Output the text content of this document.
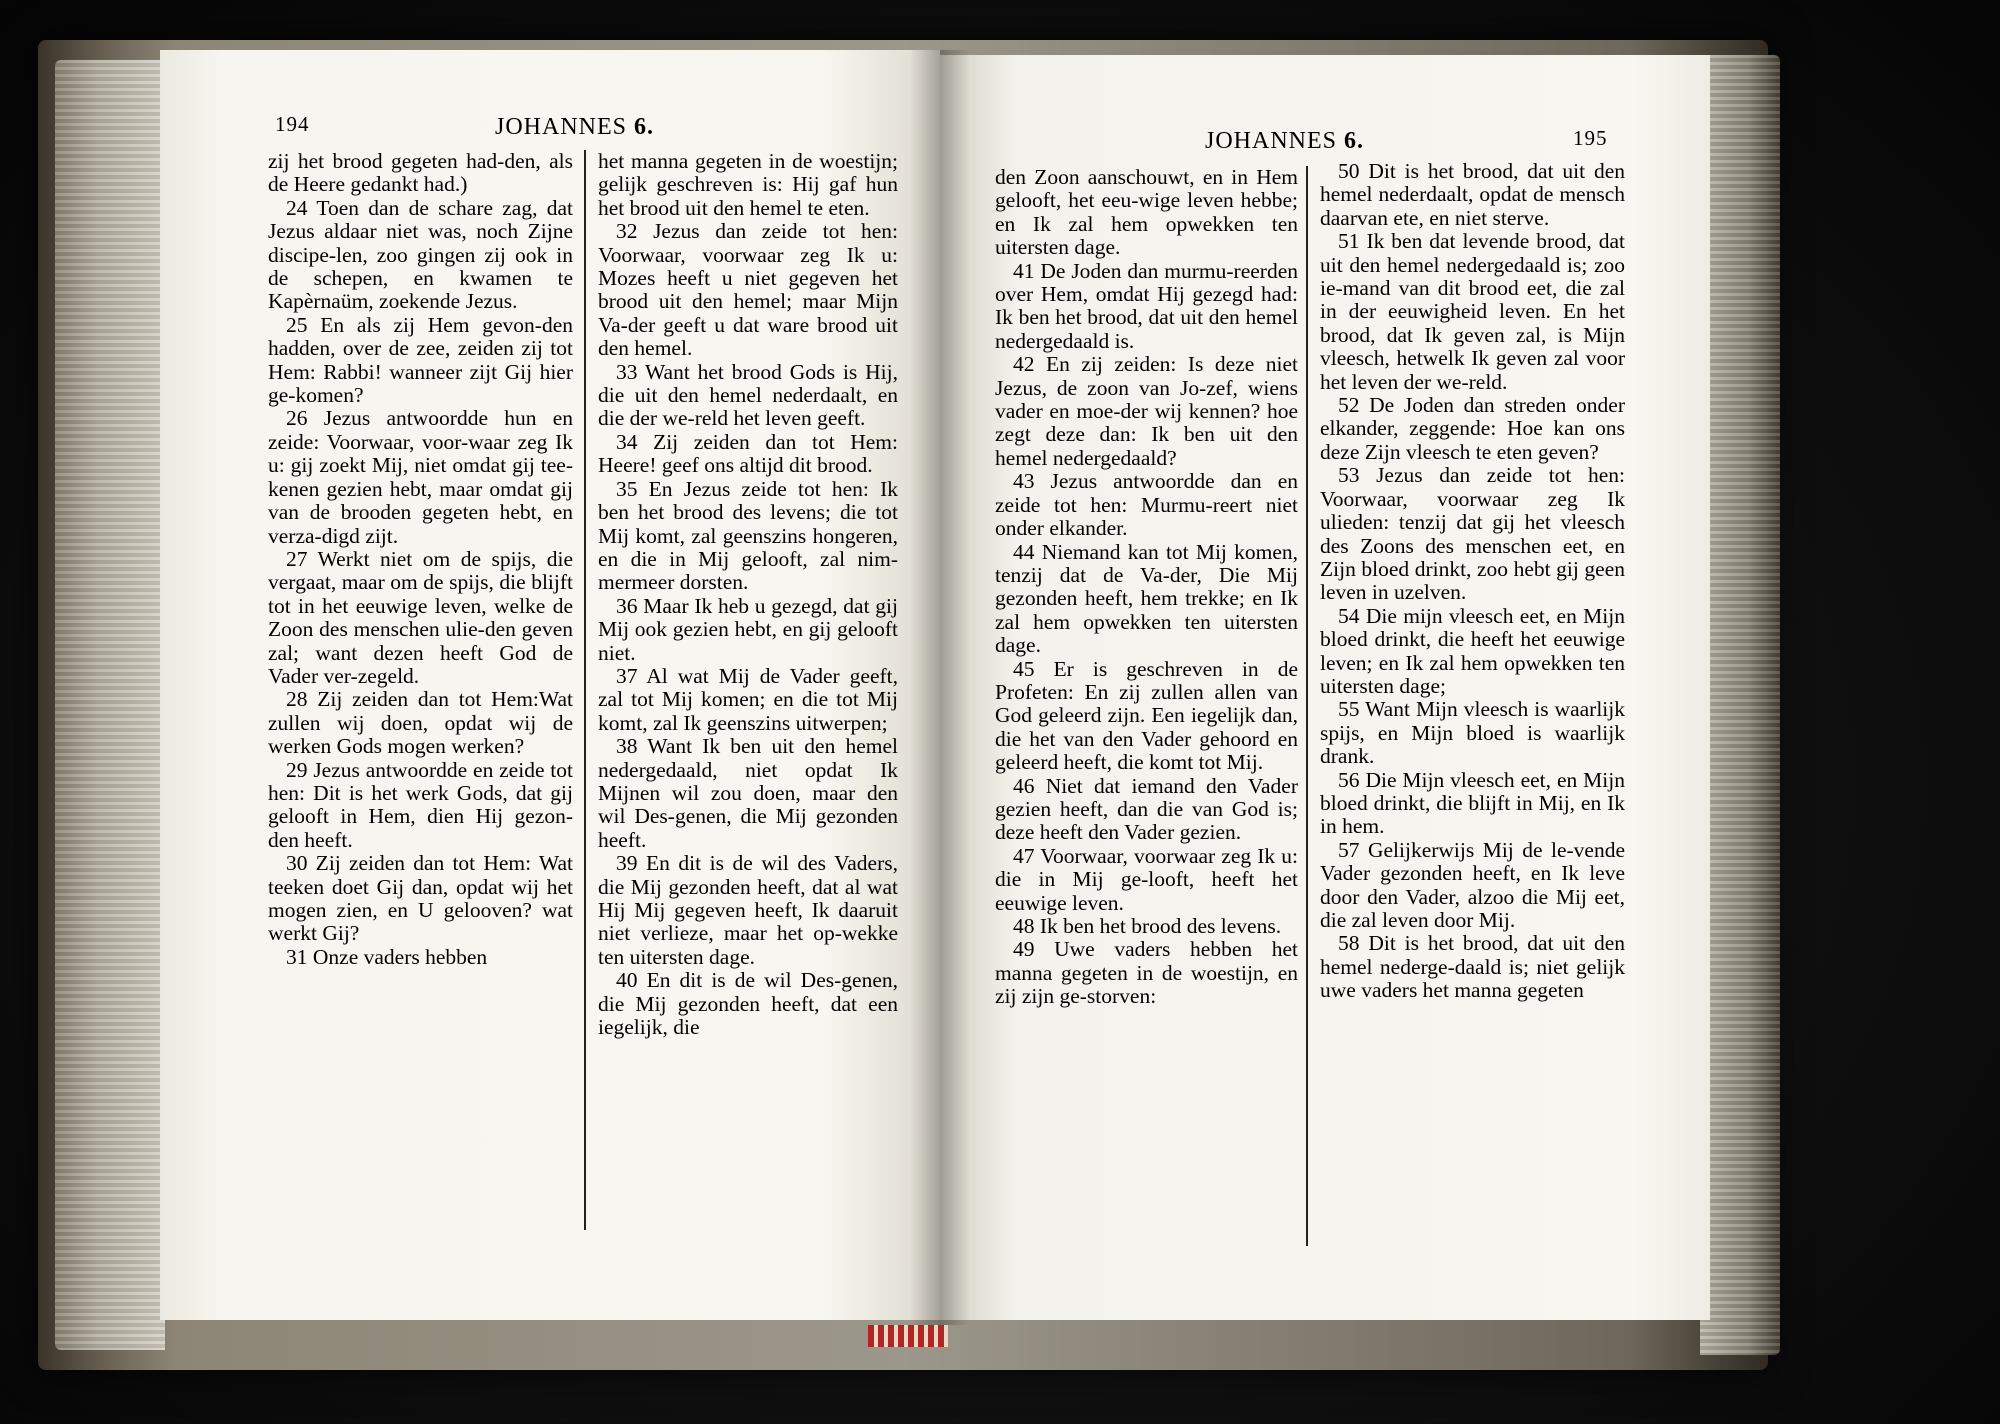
194	JOHANNES 6.

zij het brood gegeten had-den, als de Heere gedankt had.)

24 Toen dan de schare zag, dat Jezus aldaar niet was, noch Zijne discipe-len, zoo gingen zij ook in de schepen, en kwamen te Kapèrnaüm, zoekende Jezus.

25 En als zij Hem gevon-den hadden, over de zee, zeiden zij tot Hem: Rabbi! wanneer zijt Gij hier ge-komen?

26 Jezus antwoordde hun en zeide: Voorwaar, voor-waar zeg Ik u: gij zoekt Mij, niet omdat gij tee-kenen gezien hebt, maar omdat gij van de brooden gegeten hebt, en verza-digd zijt.

27 Werkt niet om de spijs, die vergaat, maar om de spijs, die blijft tot in het eeuwige leven, welke de Zoon des menschen ulie-den geven zal; want dezen heeft God de Vader ver-zegeld.

28 Zij zeiden dan tot Hem:Wat zullen wij doen, opdat wij de werken Gods mogen werken?

29 Jezus antwoordde en zeide tot hen: Dit is het werk Gods, dat gij gelooft in Hem, dien Hij gezon-den heeft.

30 Zij zeiden dan tot Hem: Wat teeken doet Gij dan, opdat wij het mogen zien, en U gelooven? wat werkt Gij?

31 Onze vaders hebben

het manna gegeten in de woestijn; gelijk geschreven is: Hij gaf hun het brood uit den hemel te eten.

32 Jezus dan zeide tot hen: Voorwaar, voorwaar zeg Ik u: Mozes heeft u niet gegeven het brood uit den hemel; maar Mijn Va-der geeft u dat ware brood uit den hemel.

33 Want het brood Gods is Hij, die uit den hemel nederdaalt, en die der we-reld het leven geeft.

34 Zij zeiden dan tot Hem: Heere! geef ons altijd dit brood.

35 En Jezus zeide tot hen: Ik ben het brood des levens; die tot Mij komt, zal geenszins hongeren, en die in Mij gelooft, zal nim-mermeer dorsten.

36 Maar Ik heb u gezegd, dat gij Mij ook gezien hebt, en gij gelooft niet.

37 Al wat Mij de Vader geeft, zal tot Mij komen; en die tot Mij komt, zal Ik geenszins uitwerpen;

38 Want Ik ben uit den hemel nedergedaald, niet opdat Ik Mijnen wil zou doen, maar den wil Des-genen, die Mij gezonden heeft.

39 En dit is de wil des Vaders, die Mij gezonden heeft, dat al wat Hij Mij gegeven heeft, Ik daaruit niet verlieze, maar het op-wekke ten uitersten dage.

40 En dit is de wil Des-genen, die Mij gezonden heeft, dat een iegelijk, die

JOHANNES 6.	195

den Zoon aanschouwt, en in Hem gelooft, het eeu-wige leven hebbe; en Ik zal hem opwekken ten uitersten dage.

41 De Joden dan murmu-reerden over Hem, omdat Hij gezegd had: Ik ben het brood, dat uit den hemel nedergedaald is.

42 En zij zeiden: Is deze niet Jezus, de zoon van Jo-zef, wiens vader en moe-der wij kennen? hoe zegt deze dan: Ik ben uit den hemel nedergedaald?

43 Jezus antwoordde dan en zeide tot hen: Murmu-reert niet onder elkander.

44 Niemand kan tot Mij komen, tenzij dat de Va-der, Die Mij gezonden heeft, hem trekke; en Ik zal hem opwekken ten uitersten dage.

45 Er is geschreven in de Profeten: En zij zullen allen van God geleerd zijn. Een iegelijk dan, die het van den Vader gehoord en geleerd heeft, die komt tot Mij.

46 Niet dat iemand den Vader gezien heeft, dan die van God is; deze heeft den Vader gezien.

47 Voorwaar, voorwaar zeg Ik u: die in Mij ge-looft, heeft het eeuwige leven.

48 Ik ben het brood des levens.

49 Uwe vaders hebben het manna gegeten in de woestijn, en zij zijn ge-storven:

50 Dit is het brood, dat uit den hemel nederdaalt, opdat de mensch daarvan ete, en niet sterve.

51 Ik ben dat levende brood, dat uit den hemel nedergedaald is; zoo ie-mand van dit brood eet, die zal in der eeuwigheid leven. En het brood, dat Ik geven zal, is Mijn vleesch, hetwelk Ik geven zal voor het leven der we-reld.

52 De Joden dan streden onder elkander, zeggende: Hoe kan ons deze Zijn vleesch te eten geven?

53 Jezus dan zeide tot hen: Voorwaar, voorwaar zeg Ik ulieden: tenzij dat gij het vleesch des Zoons des menschen eet, en Zijn bloed drinkt, zoo hebt gij geen leven in uzelven.

54 Die mijn vleesch eet, en Mijn bloed drinkt, die heeft het eeuwige leven; en Ik zal hem opwekken ten uitersten dage;

55 Want Mijn vleesch is waarlijk spijs, en Mijn bloed is waarlijk drank.

56 Die Mijn vleesch eet, en Mijn bloed drinkt, die blijft in Mij, en Ik in hem.

57 Gelijkerwijs Mij de le-vende Vader gezonden heeft, en Ik leve door den Vader, alzoo die Mij eet, die zal leven door Mij.

58 Dit is het brood, dat uit den hemel nederge-daald is; niet gelijk uwe vaders het manna gegeten
